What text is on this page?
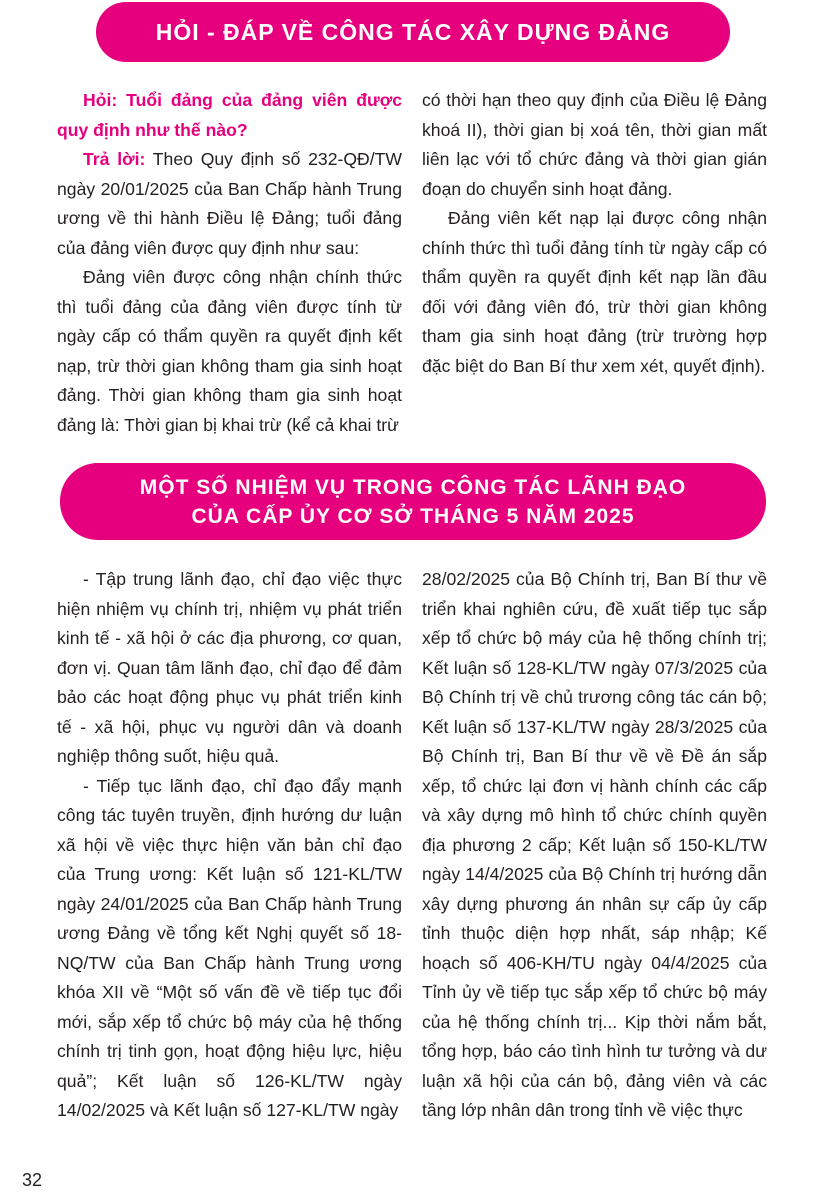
HỎI - ĐÁP VỀ CÔNG TÁC XÂY DỰNG ĐẢNG

Hỏi: Tuổi đảng của đảng viên được quy định như thế nào?

Trả lời: Theo Quy định số 232-QĐ/TW ngày 20/01/2025 của Ban Chấp hành Trung ương về thi hành Điều lệ Đảng; tuổi đảng của đảng viên được quy định như sau:

Đảng viên được công nhận chính thức thì tuổi đảng của đảng viên được tính từ ngày cấp có thẩm quyền ra quyết định kết nạp, trừ thời gian không tham gia sinh hoạt đảng. Thời gian không tham gia sinh hoạt đảng là: Thời gian bị khai trừ (kể cả khai trừ

có thời hạn theo quy định của Điều lệ Đảng khoá II), thời gian bị xoá tên, thời gian mất liên lạc với tổ chức đảng và thời gian gián đoạn do chuyển sinh hoạt đảng.

Đảng viên kết nạp lại được công nhận chính thức thì tuổi đảng tính từ ngày cấp có thẩm quyền ra quyết định kết nạp lần đầu đối với đảng viên đó, trừ thời gian không tham gia sinh hoạt đảng (trừ trường hợp đặc biệt do Ban Bí thư xem xét, quyết định).

MỘT SỐ NHIỆM VỤ TRONG CÔNG TÁC LÃNH ĐẠO
CỦA CẤP ỦY CƠ SỞ THÁNG 5 NĂM 2025

- Tập trung lãnh đạo, chỉ đạo việc thực hiện nhiệm vụ chính trị, nhiệm vụ phát triển kinh tế - xã hội ở các địa phương, cơ quan, đơn vị. Quan tâm lãnh đạo, chỉ đạo để đảm bảo các hoạt động phục vụ phát triển kinh tế - xã hội, phục vụ người dân và doanh nghiệp thông suốt, hiệu quả.

- Tiếp tục lãnh đạo, chỉ đạo đẩy mạnh công tác tuyên truyền, định hướng dư luận xã hội về việc thực hiện văn bản chỉ đạo của Trung ương: Kết luận số 121-KL/TW ngày 24/01/2025 của Ban Chấp hành Trung ương Đảng về tổng kết Nghị quyết số 18-NQ/TW của Ban Chấp hành Trung ương khóa XII về “Một số vấn đề về tiếp tục đổi mới, sắp xếp tổ chức bộ máy của hệ thống chính trị tinh gọn, hoạt động hiệu lực, hiệu quả”; Kết luận số 126-KL/TW ngày 14/02/2025 và Kết luận số 127-KL/TW ngày

28/02/2025 của Bộ Chính trị, Ban Bí thư về triển khai nghiên cứu, đề xuất tiếp tục sắp xếp tổ chức bộ máy của hệ thống chính trị; Kết luận số 128-KL/TW ngày 07/3/2025 của Bộ Chính trị về chủ trương công tác cán bộ; Kết luận số 137-KL/TW ngày 28/3/2025 của Bộ Chính trị, Ban Bí thư về về Đề án sắp xếp, tổ chức lại đơn vị hành chính các cấp và xây dựng mô hình tổ chức chính quyền địa phương 2 cấp; Kết luận số 150-KL/TW ngày 14/4/2025 của Bộ Chính trị hướng dẫn xây dựng phương án nhân sự cấp ủy cấp tỉnh thuộc diện hợp nhất, sáp nhập; Kế hoạch số 406-KH/TU ngày 04/4/2025 của Tỉnh ủy về tiếp tục sắp xếp tổ chức bộ máy của hệ thống chính trị... Kịp thời nắm bắt, tổng hợp, báo cáo tình hình tư tưởng và dư luận xã hội của cán bộ, đảng viên và các tầng lớp nhân dân trong tỉnh về việc thực

32
